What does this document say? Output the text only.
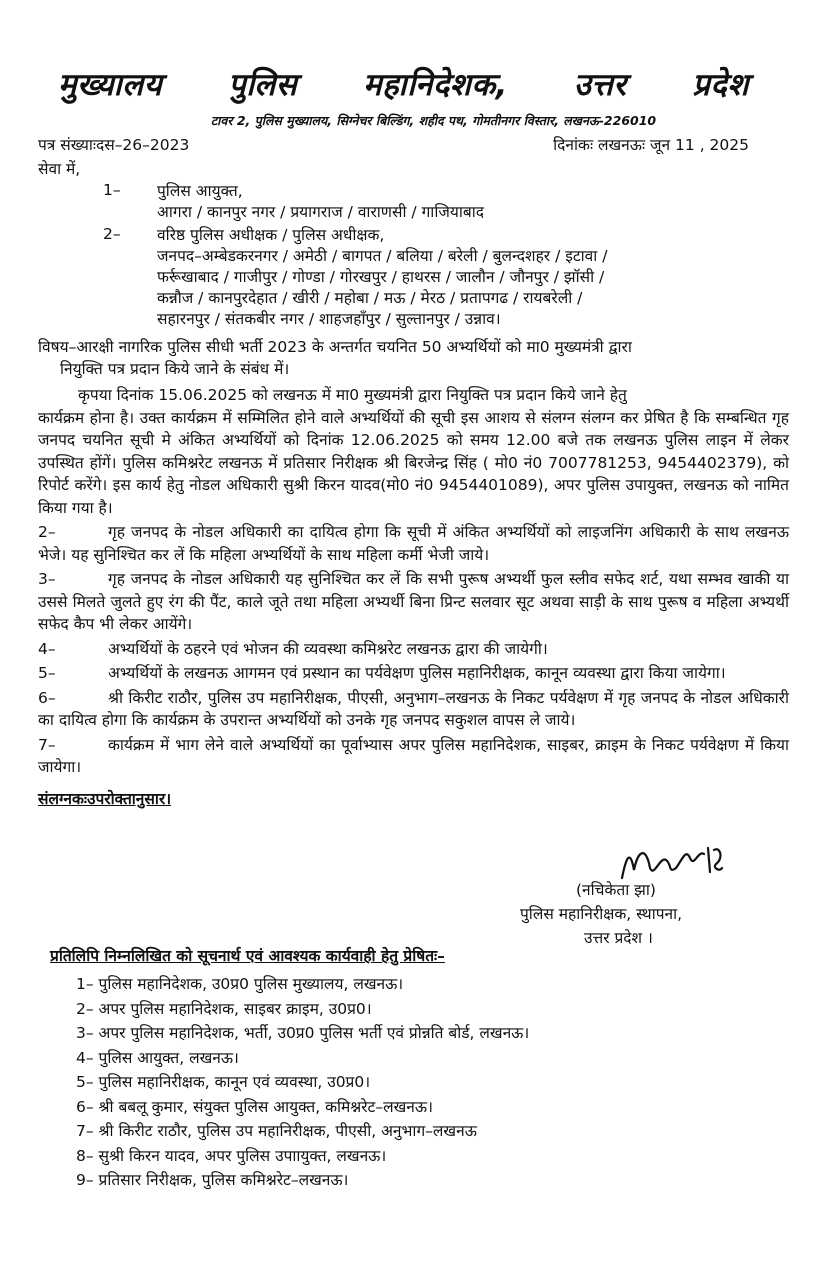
मुख्यालय पुलिस महानिदेशक, उत्तर प्रदेश
टावर 2, पुलिस मुख्यालय, सिग्नेचर बिल्डिंग, शहीद पथ, गोमतीनगर विस्तार, लखनऊ-226010
पत्र संख्याःदस–26–2023	दिनांकः लखनऊः जून 11 , 2025
सेवा में,
1–	पुलिस आयुक्त,
आगरा / कानपुर नगर / प्रयागराज / वाराणसी / गाजियाबाद
2–	वरिष्ठ पुलिस अधीक्षक / पुलिस अधीक्षक,
जनपद–अम्बेडकरनगर / अमेठी / बागपत / बलिया / बरेली / बुलन्दशहर / इटावा /
फर्रूखाबाद / गाजीपुर / गोण्डा / गोरखपुर / हाथरस / जालौन / जौनपुर / झॉसी /
कन्नौज / कानपुरदेहात / खीरी / महोबा / मऊ / मेरठ / प्रतापगढ / रायबरेली /
सहारनपुर / संतकबीर नगर / शाहजहाँपुर / सुल्तानपुर / उन्नाव।
विषय–आरक्षी नागरिक पुलिस सीधी भर्ती 2023 के अन्तर्गत चयनित 50 अभ्यर्थियों को मा0 मुख्यमंत्री द्वारा
नियुक्ति पत्र प्रदान किये जाने के संबंध में।
कृपया दिनांक 15.06.2025 को लखनऊ में मा0 मुख्यमंत्री द्वारा नियुक्ति पत्र प्रदान किये जाने हेतु
कार्यक्रम होना है। उक्त कार्यक्रम में सम्मिलित होने वाले अभ्यर्थियों की सूची इस आशय से संलग्न संलग्न कर प्रेषित है कि सम्बन्धित गृह जनपद चयनित सूची मे अंकित अभ्यर्थियों को दिनांक 12.06.2025 को समय 12.00 बजे तक लखनऊ पुलिस लाइन में लेकर उपस्थित होंगें। पुलिस कमिश्नरेट लखनऊ में प्रतिसार निरीक्षक श्री बिरजेन्द्र सिंह ( मो0 नं0 7007781253, 9454402379), को रिपोर्ट करेंगे। इस कार्य हेतु नोडल अधिकारी सुश्री किरन यादव(मो0 नं0 9454401089), अपर पुलिस उपायुक्त, लखनऊ को नामित किया गया है।
2–	गृह जनपद के नोडल अधिकारी का दायित्व होगा कि सूची में अंकित अभ्यर्थियों को लाइजनिंग अधिकारी के साथ लखनऊ भेजे। यह सुनिश्चित कर लें कि महिला अभ्यर्थियों के साथ महिला कर्मी भेजी जाये।
3–	गृह जनपद के नोडल अधिकारी यह सुनिश्चित कर लें कि सभी पुरूष अभ्यर्थी फुल स्लीव सफेद शर्ट, यथा सम्भव खाकी या उससे मिलते जुलते हुए रंग की पैंट, काले जूते तथा महिला अभ्यर्थी बिना प्रिन्ट सलवार सूट अथवा साड़ी के साथ पुरूष व महिला अभ्यर्थी सफेद कैप भी लेकर आयेंगे।
4–	अभ्यर्थियों के ठहरने एवं भोजन की व्यवस्था कमिश्नरेट लखनऊ द्वारा की जायेगी।
5–	अभ्यर्थियों के लखनऊ आगमन एवं प्रस्थान का पर्यवेक्षण पुलिस महानिरीक्षक, कानून व्यवस्था द्वारा किया जायेगा।
6–	श्री किरीट राठौर, पुलिस उप महानिरीक्षक, पीएसी, अनुभाग–लखनऊ के निकट पर्यवेक्षण में गृह जनपद के नोडल अधिकारी का दायित्व होगा कि कार्यक्रम के उपरान्त अभ्यर्थियों को उनके गृह जनपद सकुशल वापस ले जाये।
7–	कार्यक्रम में भाग लेने वाले अभ्यर्थियों का पूर्वाभ्यास अपर पुलिस महानिदेशक, साइबर, क्राइम के निकट पर्यवेक्षण में किया जायेगा।
संलग्नकःउपरोक्तानुसार।
(नचिकेता झा)
पुलिस महानिरीक्षक, स्थापना,
उत्तर प्रदेश ।
प्रतिलिपि निम्नलिखित को सूचनार्थ एवं आवश्यक कार्यवाही हेतु प्रेषितः–
1– पुलिस महानिदेशक, उ0प्र0 पुलिस मुख्यालय, लखनऊ।
2– अपर पुलिस महानिदेशक, साइबर क्राइम, उ0प्र0।
3– अपर पुलिस महानिदेशक, भर्ती, उ0प्र0 पुलिस भर्ती एवं प्रोन्नति बोर्ड, लखनऊ।
4– पुलिस आयुक्त, लखनऊ।
5– पुलिस महानिरीक्षक, कानून एवं व्यवस्था, उ0प्र0।
6– श्री बबलू कुमार, संयुक्त पुलिस आयुक्त, कमिश्नरेट–लखनऊ।
7– श्री किरीट राठौर, पुलिस उप महानिरीक्षक, पीएसी, अनुभाग–लखनऊ
8– सुश्री किरन यादव, अपर पुलिस उपाायुक्त, लखनऊ।
9– प्रतिसार निरीक्षक, पुलिस कमिश्नरेट–लखनऊ।
